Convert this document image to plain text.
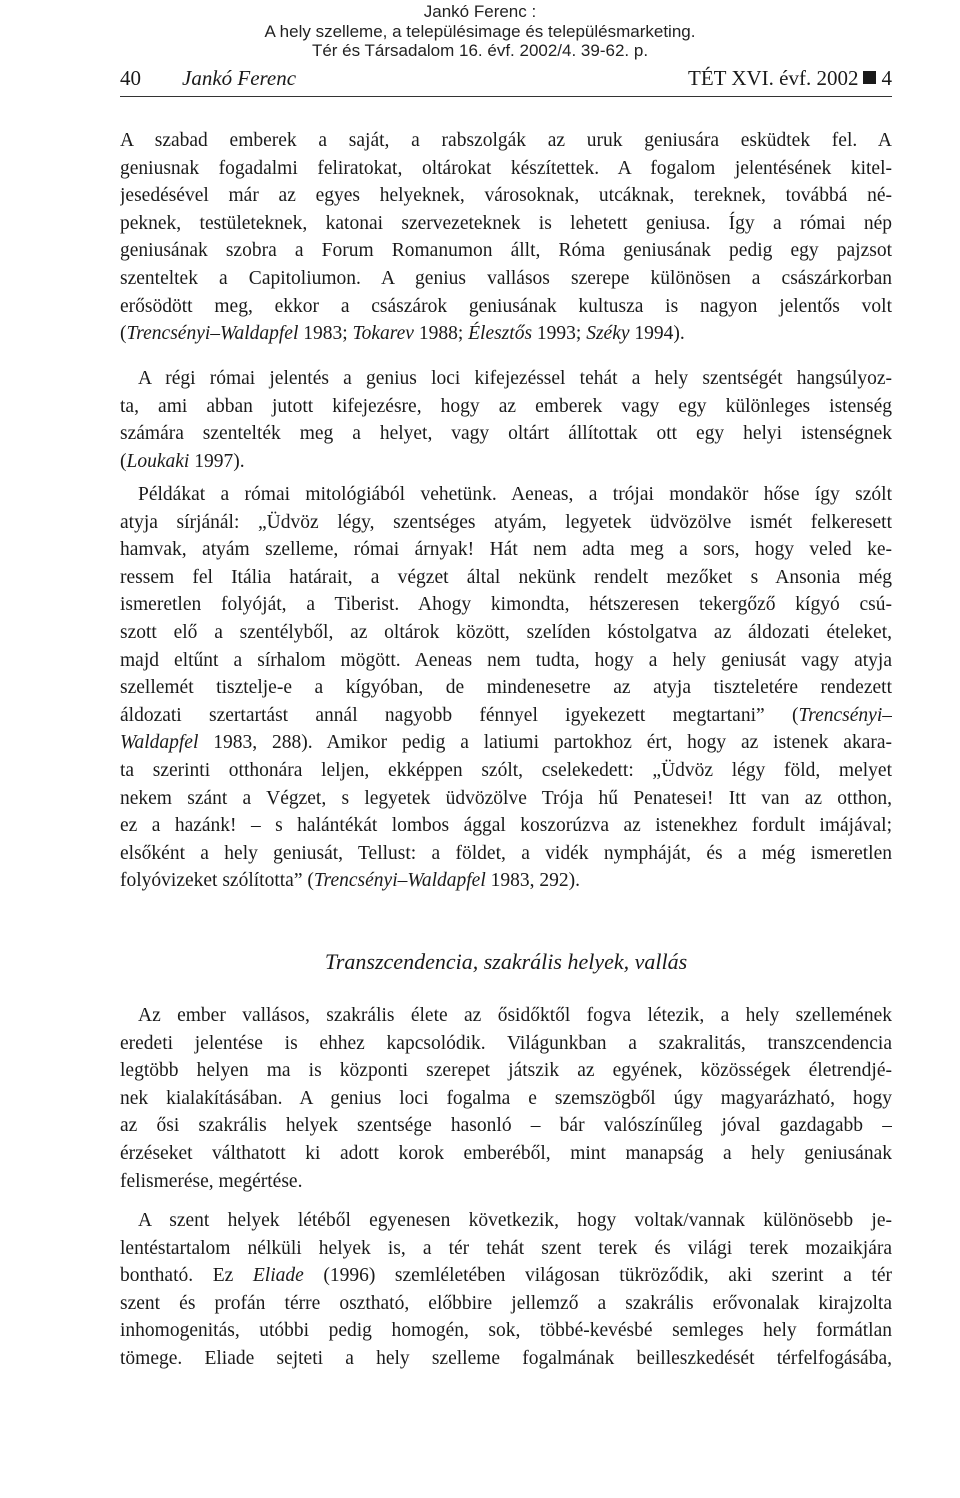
Jankó Ferenc :
A hely szelleme, a településimage és településmarketing.
Tér és Társadalom 16. évf. 2002/4. 39-62. p.
40 Jankó Ferenc	TÉT XVI. évf. 2002 4
A szabad emberek a saját, a rabszolgák az uruk geniusára esküdtek fel. A
geniusnak fogadalmi feliratokat, oltárokat készítettek. A fogalom jelentésének kitel-
jesedésével már az egyes helyeknek, városoknak, utcáknak, tereknek, továbbá né-
peknek, testületeknek, katonai szervezeteknek is lehetett geniusa. Így a római nép
geniusának szobra a Forum Romanumon állt, Róma geniusának pedig egy pajzsot
szenteltek a Capitoliumon. A genius vallásos szerepe különösen a császárkorban
erősödött meg, ekkor a császárok geniusának kultusza is nagyon jelentős volt
(Trencsényi–Waldapfel 1983; Tokarev 1988; Élesztős 1993; Széky 1994).
A régi római jelentés a genius loci kifejezéssel tehát a hely szentségét hangsúlyoz-
ta, ami abban jutott kifejezésre, hogy az emberek vagy egy különleges istenség
számára szentelték meg a helyet, vagy oltárt állítottak ott egy helyi istenségnek
(Loukaki 1997).
Példákat a római mitológiából vehetünk. Aeneas, a trójai mondakör hőse így szólt
atyja sírjánál: „Üdvöz légy, szentséges atyám, legyetek üdvözölve ismét felkeresett
hamvak, atyám szelleme, római árnyak! Hát nem adta meg a sors, hogy veled ke-
ressem fel Itália határait, a végzet által nekünk rendelt mezőket s Ansonia még
ismeretlen folyóját, a Tiberist. Ahogy kimondta, hétszeresen tekergőző kígyó csú-
szott elő a szentélyből, az oltárok között, szelíden kóstolgatva az áldozati ételeket,
majd eltűnt a sírhalom mögött. Aeneas nem tudta, hogy a hely geniusát vagy atyja
szellemét tisztelje-e a kígyóban, de mindenesetre az atyja tiszteletére rendezett
áldozati szertartást annál nagyobb fénnyel igyekezett megtartani” (Trencsényi–
Waldapfel 1983, 288). Amikor pedig a latiumi partokhoz ért, hogy az istenek akara-
ta szerinti otthonára leljen, ekképpen szólt, cselekedett: „Üdvöz légy föld, melyet
nekem szánt a Végzet, s legyetek üdvözölve Trója hű Penatesei! Itt van az otthon,
ez a hazánk! – s halántékát lombos ággal koszorúzva az istenekhez fordult imájával;
elsőként a hely geniusát, Tellust: a földet, a vidék nympháját, és a még ismeretlen
folyóvizeket szólította” (Trencsényi–Waldapfel 1983, 292).
Transzcendencia, szakrális helyek, vallás
Az ember vallásos, szakrális élete az ősidőktől fogva létezik, a hely szellemének
eredeti jelentése is ehhez kapcsolódik. Világunkban a szakralitás, transzcendencia
legtöbb helyen ma is központi szerepet játszik az egyének, közösségek életrendjé-
nek kialakításában. A genius loci fogalma e szemszögből úgy magyarázható, hogy
az ősi szakrális helyek szentsége hasonló – bár valószínűleg jóval gazdagabb –
érzéseket válthatott ki adott korok emberéből, mint manapság a hely geniusának
felismerése, megértése.
A szent helyek létéből egyenesen következik, hogy voltak/vannak különösebb je-
lentéstartalom nélküli helyek is, a tér tehát szent terek és világi terek mozaikjára
bontható. Ez Eliade (1996) szemléletében világosan tükröződik, aki szerint a tér
szent és profán térre osztható, előbbire jellemző a szakrális erővonalak kirajzolta
inhomogenitás, utóbbi pedig homogén, sok, többé-kevésbé semleges hely formátlan
tömege. Eliade sejteti a hely szelleme fogalmának beilleszkedését térfelfogásába,
